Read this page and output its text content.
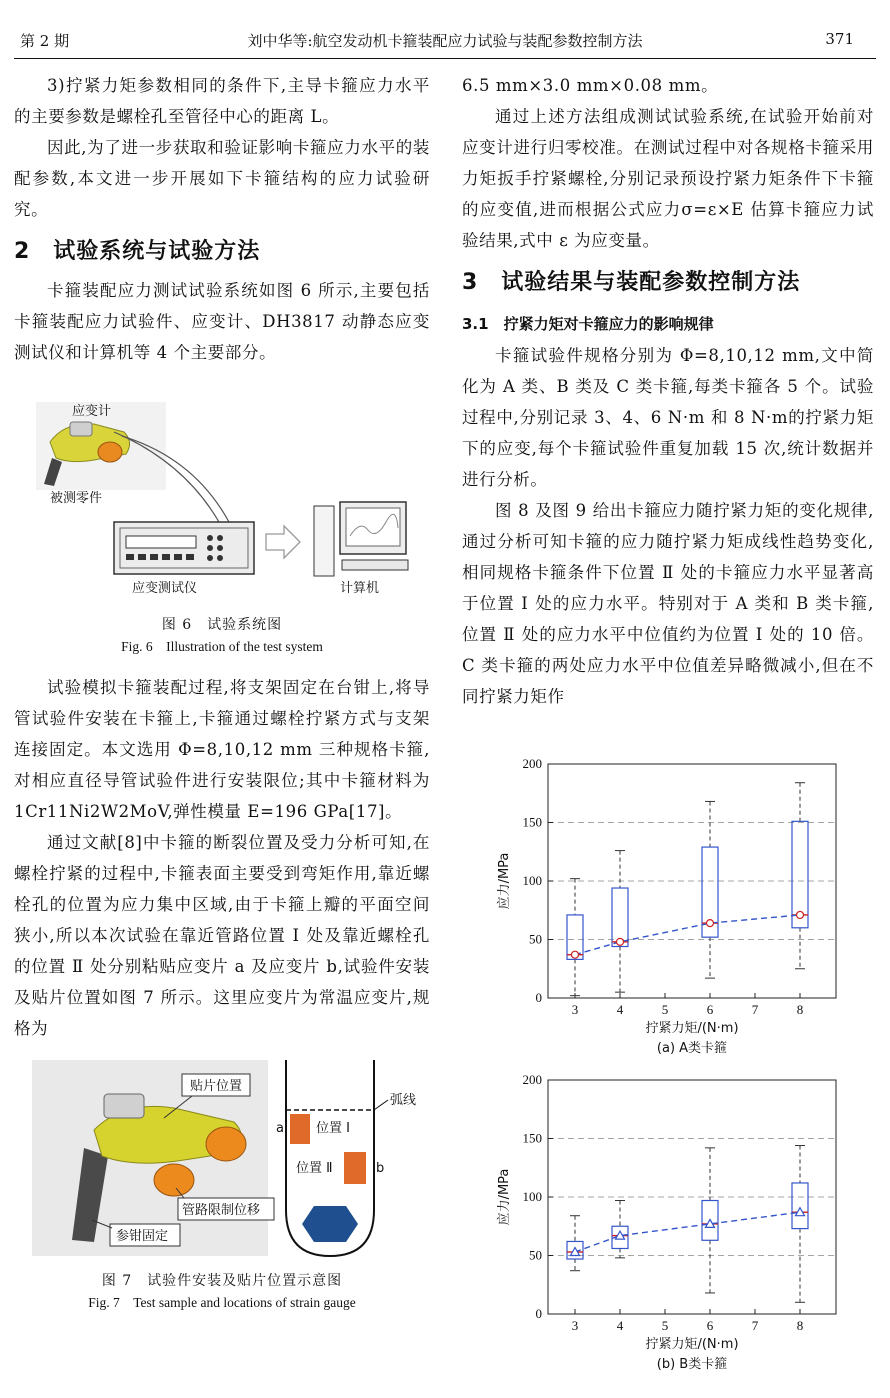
第 2 期	刘中华等:航空发动机卡箍装配应力试验与装配参数控制方法	371

3)拧紧力矩参数相同的条件下,主导卡箍应力水平的主要参数是螺栓孔至管径中心的距离 L。

因此,为了进一步获取和验证影响卡箍应力水平的装配参数,本文进一步开展如下卡箍结构的应力试验研究。

2　试验系统与试验方法

卡箍装配应力测试试验系统如图 6 所示,主要包括卡箍装配应力试验件、应变计、DH3817 动静态应变测试仪和计算机等 4 个主要部分。

应变计
被测零件
应变测试仪	计算机
图 6　试验系统图
Fig. 6　Illustration of the test system

试验模拟卡箍装配过程,将支架固定在台钳上,将导管试验件安装在卡箍上,卡箍通过螺栓拧紧方式与支架连接固定。本文选用 Φ=8,10,12 mm 三种规格卡箍,对相应直径导管试验件进行安装限位;其中卡箍材料为 1Cr11Ni2W2MoV,弹性模量 E=196 GPa[17]。

通过文献[8]中卡箍的断裂位置及受力分析可知,在螺栓拧紧的过程中,卡箍表面主要受到弯矩作用,靠近螺栓孔的位置为应力集中区域,由于卡箍上瓣的平面空间狭小,所以本次试验在靠近管路位置 Ⅰ 处及靠近螺栓孔的位置 Ⅱ 处分别粘贴应变片 a 及应变片 b,试验件安装及贴片位置如图 7 所示。这里应变片为常温应变片,规格为

贴片位置
管路限制位移
参钳固定
弧线
a 位置 Ⅰ
b
位置 Ⅱ
图 7　试验件安装及贴片位置示意图
Fig. 7　Test sample and locations of strain gauge

6.5 mm×3.0 mm×0.08 mm。

通过上述方法组成测试试验系统,在试验开始前对应变计进行归零校准。在测试过程中对各规格卡箍采用力矩扳手拧紧螺栓,分别记录预设拧紧力矩条件下卡箍的应变值,进而根据公式应力σ=ε×E 估算卡箍应力试验结果,式中 ε 为应变量。

3　试验结果与装配参数控制方法
3.1　拧紧力矩对卡箍应力的影响规律

卡箍试验件规格分别为 Φ=8,10,12 mm,文中简化为 A 类、B 类及 C 类卡箍,每类卡箍各 5 个。试验过程中,分别记录 3、4、6 N·m 和 8 N·m的拧紧力矩下的应变,每个卡箍试验件重复加载 15 次,统计数据并进行分析。

图 8 及图 9 给出卡箍应力随拧紧力矩的变化规律,通过分析可知卡箍的应力随拧紧力矩成线性趋势变化,相同规格卡箍条件下位置 Ⅱ 处的卡箍应力水平显著高于位置 Ⅰ 处的应力水平。特别对于 A 类和 B 类卡箍,位置 Ⅱ 处的应力水平中位值约为位置 Ⅰ 处的 10 倍。C 类卡箍的两处应力水平中位值差异略微减小,但在不同拧紧力矩作

0
50
100
150
200
3	4	5	6	7	8
应力/MPa
拧紧力矩/(N·m)
(a) A类卡箍
0
50
100
150
200
3	4	5	6	7	8
应力/MPa
拧紧力矩/(N·m)
(b) B类卡箍
